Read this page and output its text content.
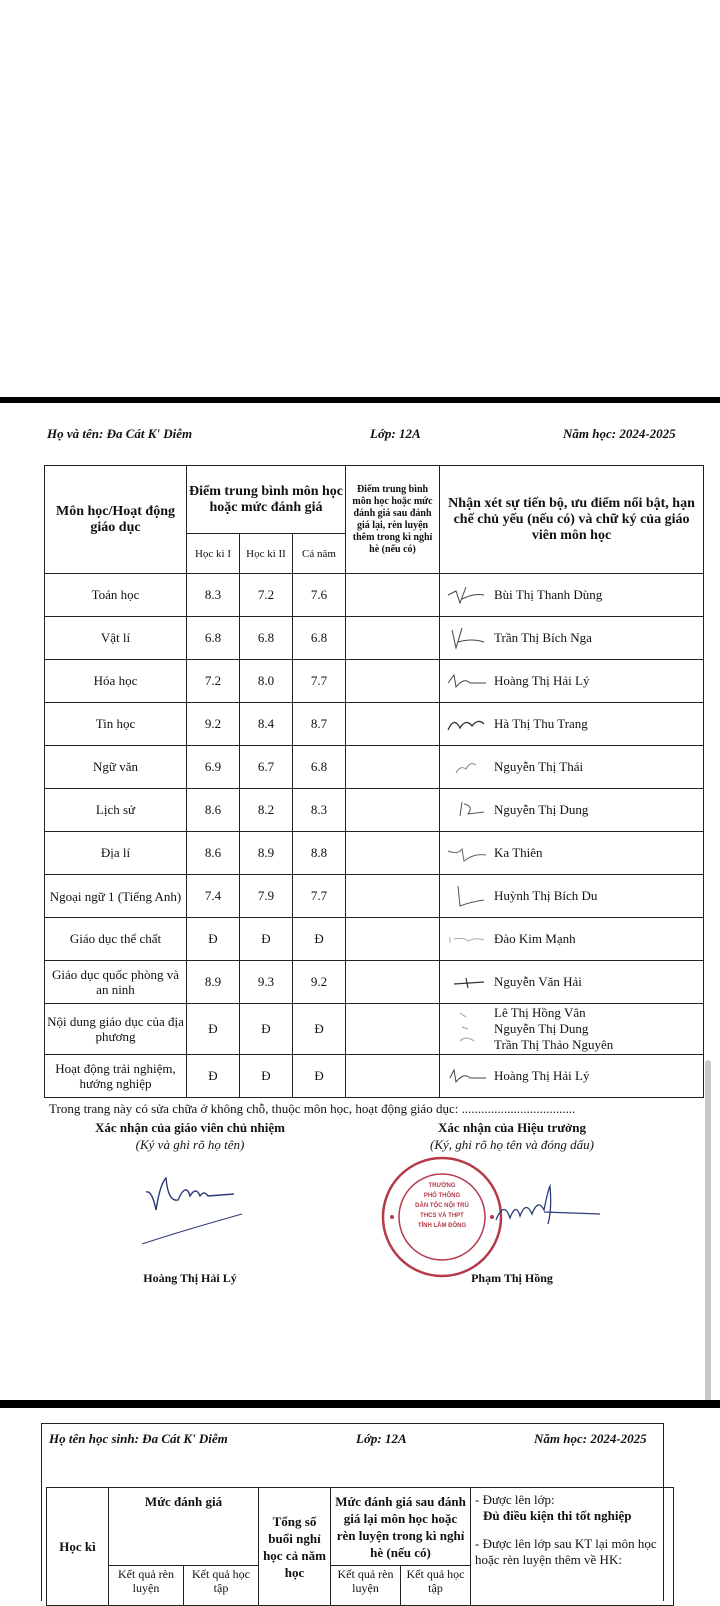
Họ và tên: Đa Cát K' Diễm	Lớp: 12A	Năm học: 2024-2025
Môn học/Hoạt động giáo dục	Điểm trung bình môn học hoặc mức đánh giá			Điểm trung bình môn học hoặc mức đánh giá sau đánh giá lại, rèn luyện thêm trong kì nghỉ hè (nếu có)	Nhận xét sự tiến bộ, ưu điểm nổi bật, hạn chế chủ yếu (nếu có) và chữ ký của giáo viên môn học
	Học kì I	Học kì II	Cả năm		
Toán học	8.3	7.2	7.6		Bùi Thị Thanh Dùng
Vật lí	6.8	6.8	6.8		Trần Thị Bích Nga
Hóa học	7.2	8.0	7.7		Hoàng Thị Hải Lý
Tin học	9.2	8.4	8.7		Hà Thị Thu Trang
Ngữ văn	6.9	6.7	6.8		Nguyễn Thị Thái
Lịch sử	8.6	8.2	8.3		Nguyễn Thị Dung
Địa lí	8.6	8.9	8.8		Ka Thiên
Ngoại ngữ 1 (Tiếng Anh)	7.4	7.9	7.7		Huỳnh Thị Bích Du
Giáo dục thể chất	Đ	Đ	Đ		Đào Kim Mạnh
Giáo dục quốc phòng và an ninh	8.9	9.3	9.2		Nguyễn Văn Hải
Nội dung giáo dục của địa phương	Đ	Đ	Đ		Lê Thị Hồng Vân
Nguyễn Thị Dung
Trần Thị Thảo Nguyên
Hoạt động trải nghiệm, hướng nghiệp	Đ	Đ	Đ		Hoàng Thị Hải Lý
Trong trang này có sửa chữa ở không chỗ, thuộc môn học, hoạt động giáo dục: ...................................
Xác nhận của giáo viên chủ nhiệm
(Ký và ghi rõ họ tên)
Hoàng Thị Hải Lý
Xác nhận của Hiệu trưởng
(Ký, ghi rõ họ tên và đóng dấu)
TRƯỜNG
PHỔ THÔNG
DÂN TỘC NỘI TRÚ
THCS VÀ THPT
TỈNH LÂM ĐỒNG
Phạm Thị Hồng
Họ tên học sinh: Đa Cát K' Diễm	Lớp: 12A	Năm học: 2024-2025
Học kì	Mức đánh giá		Tổng số buổi nghỉ học cả năm học	Mức đánh giá sau đánh giá lại môn học hoặc rèn luyện trong kì nghỉ hè (nếu có)		- Được lên lớp:
Đủ điều kiện thi tốt nghiệp
- Được lên lớp sau KT lại môn học hoặc rèn luyện thêm về HK:

	Kết quả rèn luyện	Kết quả học tập		Kết quả rèn luyện	Kết quả học tập	
